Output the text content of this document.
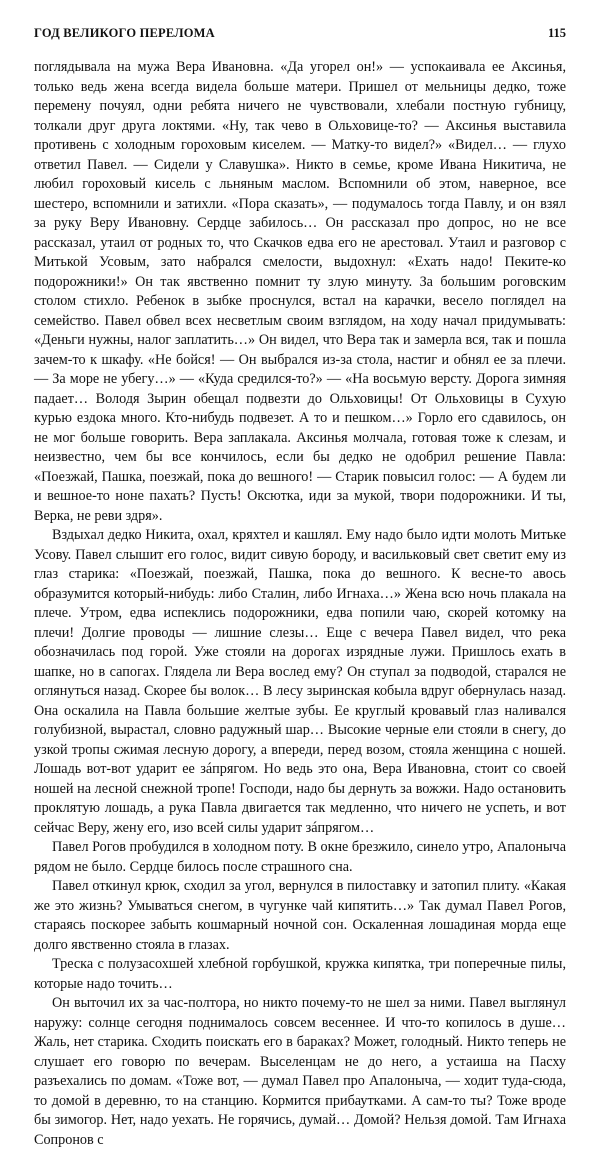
ГОД ВЕЛИКОГО ПЕРЕЛОМА	115

поглядывала на мужа Вера Ивановна. «Да угорел он!» — успокаивала ее Аксинья, только ведь жена всегда видела больше матери. Пришел от мельницы дедко, тоже перемену почуял, одни ребята ничего не чувствовали, хлебали постную губницу, толкали друг друга локтями. «Ну, так чево в Ольховице-то? — Аксинья выставила противень с холодным гороховым киселем. — Матку-то видел?» «Видел… — глухо ответил Павел. — Сидели у Славушка». Никто в семье, кроме Ивана Никитича, не любил гороховый кисель с льняным маслом. Вспомнили об этом, наверное, все шестеро, вспомнили и затихли. «Пора сказать», — подумалось тогда Павлу, и он взял за руку Веру Ивановну. Сердце забилось… Он рассказал про допрос, но не все рассказал, утаил от родных то, что Скачков едва его не арестовал. Утаил и разговор с Митькой Усовым, зато набрался смелости, выдохнул: «Ехать надо! Пеките-ко подорожники!» Он так явственно помнит ту злую минуту. За большим роговским столом стихло. Ребенок в зыбке проснулся, встал на карачки, весело поглядел на семейство. Павел обвел всех несветлым своим взглядом, на ходу начал придумывать: «Деньги нужны, налог заплатить…» Он видел, что Вера так и замерла вся, так и пошла зачем-то к шкафу. «Не бойся! — Он выбрался из-за стола, настиг и обнял ее за плечи. — За море не убегу…» — «Куда средился-то?» — «На восьмую версту. Дорога зимняя падает… Володя Зырин обещал подвезти до Ольховицы! От Ольховицы в Сухую курью ездока много. Кто-нибудь подвезет. А то и пешком…» Горло его сдавилось, он не мог больше говорить. Вера заплакала. Аксинья молчала, готовая тоже к слезам, и неизвестно, чем бы все кончилось, если бы дедко не одобрил решение Павла: «Поезжай, Пашка, поезжай, пока до вешного! — Старик повысил голос: — А будем ли и вешное-то ноне пахать? Пусть! Оксютка, иди за мукой, твори подорожники. И ты, Верка, не реви здря».

Вздыхал дедко Никита, охал, кряхтел и кашлял. Ему надо было идти молоть Митьке Усову. Павел слышит его голос, видит сивую бороду, и васильковый свет светит ему из глаз старика: «Поезжай, поезжай, Пашка, пока до вешного. К весне-то авось образумится который-нибудь: либо Сталин, либо Игнаха…» Жена всю ночь плакала на плече. Утром, едва испеклись подорожники, едва попили чаю, скорей котомку на плечи! Долгие проводы — лишние слезы… Еще с вечера Павел видел, что река обозначилась под горой. Уже стояли на дорогах изрядные лужи. Пришлось ехать в шапке, но в сапогах. Глядела ли Вера вослед ему? Он ступал за подводой, старался не оглянуться назад. Скорее бы волок… В лесу зыринская кобыла вдруг обернулась назад. Она оскалила на Павла большие желтые зубы. Ее круглый кровавый глаз наливался голубизной, вырастал, словно радужный шар… Высокие черные ели стояли в снегу, до узкой тропы сжимая лесную дорогу, а впереди, перед возом, стояла женщина с ношей. Лошадь вот-вот ударит ее зáпрягом. Но ведь это она, Вера Ивановна, стоит со своей ношей на лесной снежной тропе! Господи, надо бы дернуть за вожжи. Надо остановить проклятую лошадь, а рука Павла двигается так медленно, что ничего не успеть, и вот сейчас Веру, жену его, изо всей силы ударит зáпрягом…

Павел Рогов пробудился в холодном поту. В окне брезжило, синело утро, Апалоныча рядом не было. Сердце билось после страшного сна.

Павел откинул крюк, сходил за угол, вернулся в пилоставку и затопил плиту. «Какая же это жизнь? Умываться снегом, в чугунке чай кипятить…» Так думал Павел Рогов, стараясь поскорее забыть кошмарный ночной сон. Оскаленная лошадиная морда еще долго явственно стояла в глазах.

Треска с полузасохшей хлебной горбушкой, кружка кипятка, три поперечные пилы, которые надо точить…

Он выточил их за час-полтора, но никто почему-то не шел за ними. Павел выглянул наружу: солнце сегодня поднималось совсем весеннее. И что-то копилось в душе… Жаль, нет старика. Сходить поискать его в бараках? Может, голодный. Никто теперь не слушает его говорю по вечерам. Выселенцам не до него, а устаиша на Пасху разъехались по домам. «Тоже вот, — думал Павел про Апалоныча, — ходит туда-сюда, то домой в деревню, то на станцию. Кормится прибаутками. А сам-то ты? Тоже вроде бы зимогор. Нет, надо уехать. Не горячись, думай… Домой? Нельзя домой. Там Игнаха Сопронов с
